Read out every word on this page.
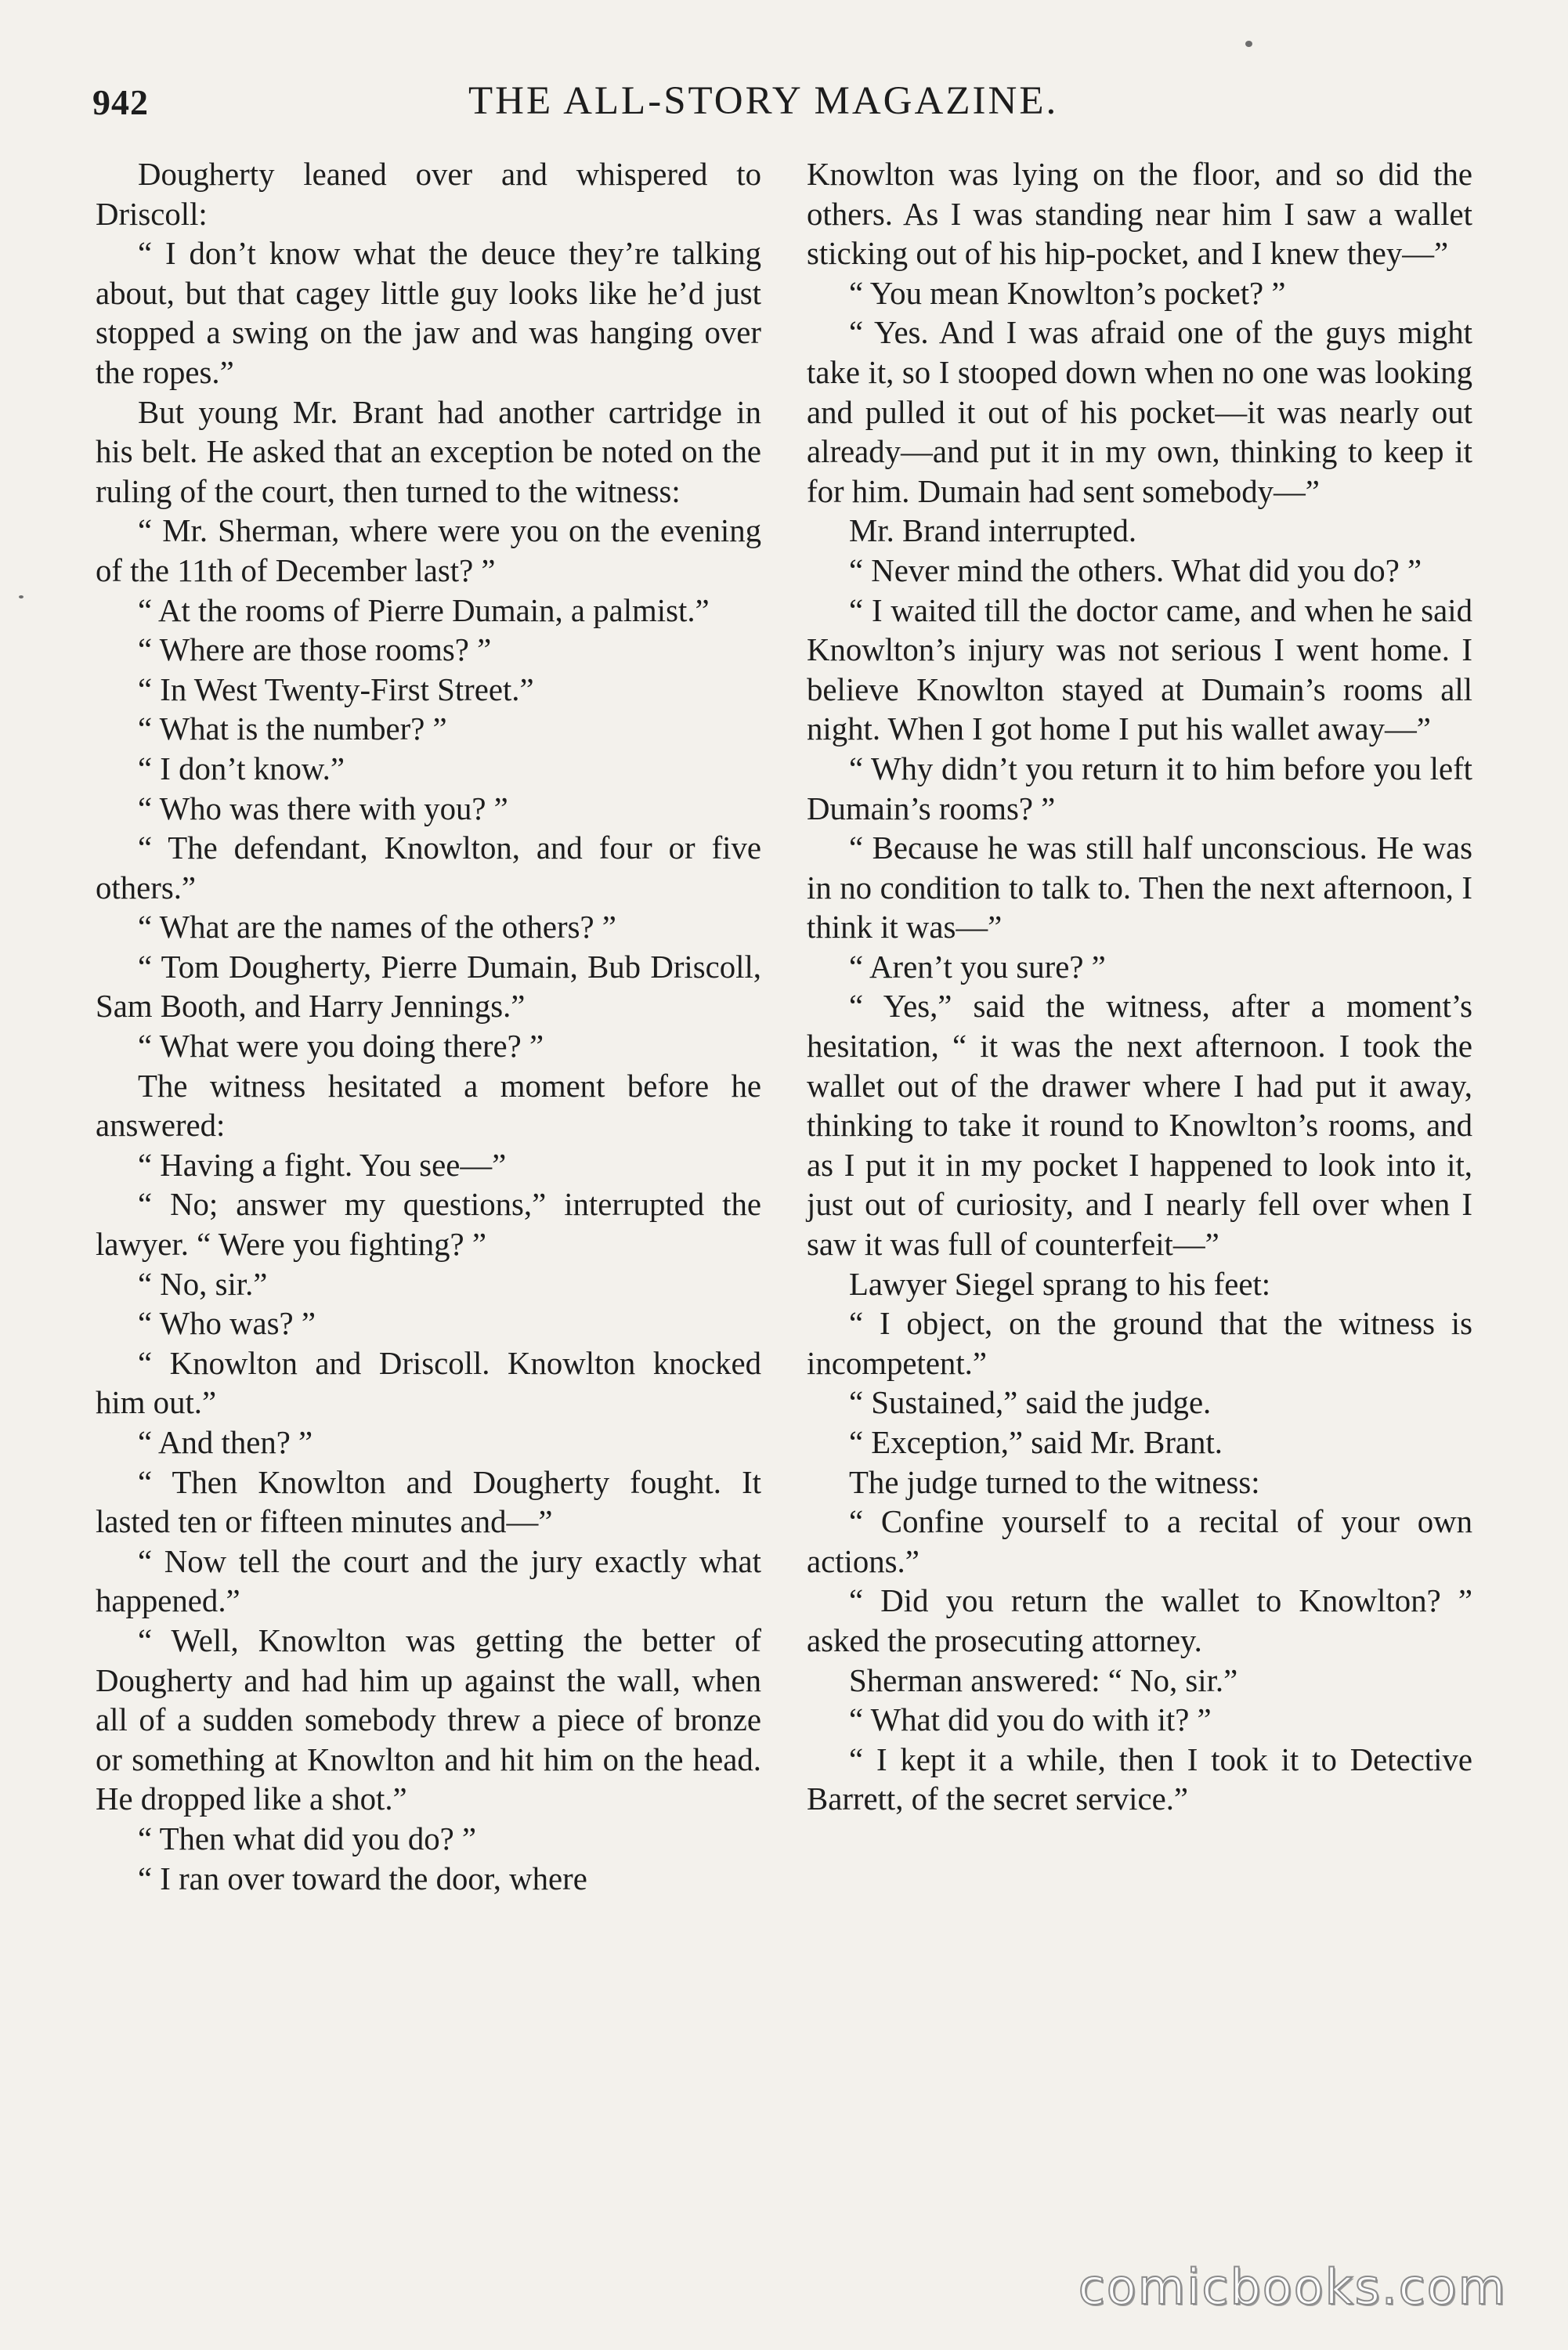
942	THE ALL-STORY MAGAZINE.

Dougherty leaned over and whispered to Driscoll:

“ I don’t know what the deuce they’re talking about, but that cagey little guy looks like he’d just stopped a swing on the jaw and was hanging over the ropes.”

But young Mr. Brant had another cartridge in his belt. He asked that an exception be noted on the ruling of the court, then turned to the witness:

“ Mr. Sherman, where were you on the evening of the 11th of December last? ”

“ At the rooms of Pierre Dumain, a palmist.”

“ Where are those rooms? ”

“ In West Twenty-First Street.”

“ What is the number? ”

“ I don’t know.”

“ Who was there with you? ”

“ The defendant, Knowlton, and four or five others.”

“ What are the names of the others? ”

“ Tom Dougherty, Pierre Dumain, Bub Driscoll, Sam Booth, and Harry Jennings.”

“ What were you doing there? ”

The witness hesitated a moment before he answered:

“ Having a fight. You see—”

“ No; answer my questions,” interrupted the lawyer. “ Were you fighting? ”

“ No, sir.”

“ Who was? ”

“ Knowlton and Driscoll. Knowlton knocked him out.”

“ And then? ”

“ Then Knowlton and Dougherty fought. It lasted ten or fifteen minutes and—”

“ Now tell the court and the jury exactly what happened.”

“ Well, Knowlton was getting the better of Dougherty and had him up against the wall, when all of a sudden somebody threw a piece of bronze or something at Knowlton and hit him on the head. He dropped like a shot.”

“ Then what did you do? ”

“ I ran over toward the door, where

Knowlton was lying on the floor, and so did the others. As I was standing near him I saw a wallet sticking out of his hip-pocket, and I knew they—”

“ You mean Knowlton’s pocket? ”

“ Yes. And I was afraid one of the guys might take it, so I stooped down when no one was looking and pulled it out of his pocket—it was nearly out already—and put it in my own, thinking to keep it for him. Dumain had sent somebody—”

Mr. Brand interrupted.

“ Never mind the others. What did you do? ”

“ I waited till the doctor came, and when he said Knowlton’s injury was not serious I went home. I believe Knowlton stayed at Dumain’s rooms all night. When I got home I put his wallet away—”

“ Why didn’t you return it to him before you left Dumain’s rooms? ”

“ Because he was still half unconscious. He was in no condition to talk to. Then the next afternoon, I think it was—”

“ Aren’t you sure? ”

“ Yes,” said the witness, after a moment’s hesitation, “ it was the next afternoon. I took the wallet out of the drawer where I had put it away, thinking to take it round to Knowlton’s rooms, and as I put it in my pocket I happened to look into it, just out of curiosity, and I nearly fell over when I saw it was full of counterfeit—”

Lawyer Siegel sprang to his feet:

“ I object, on the ground that the witness is incompetent.”

“ Sustained,” said the judge.

“ Exception,” said Mr. Brant.

The judge turned to the witness:

“ Confine yourself to a recital of your own actions.”

“ Did you return the wallet to Knowlton? ” asked the prosecuting attorney.

Sherman answered: “ No, sir.”

“ What did you do with it? ”

“ I kept it a while, then I took it to Detective Barrett, of the secret service.”

comicbooks.com
